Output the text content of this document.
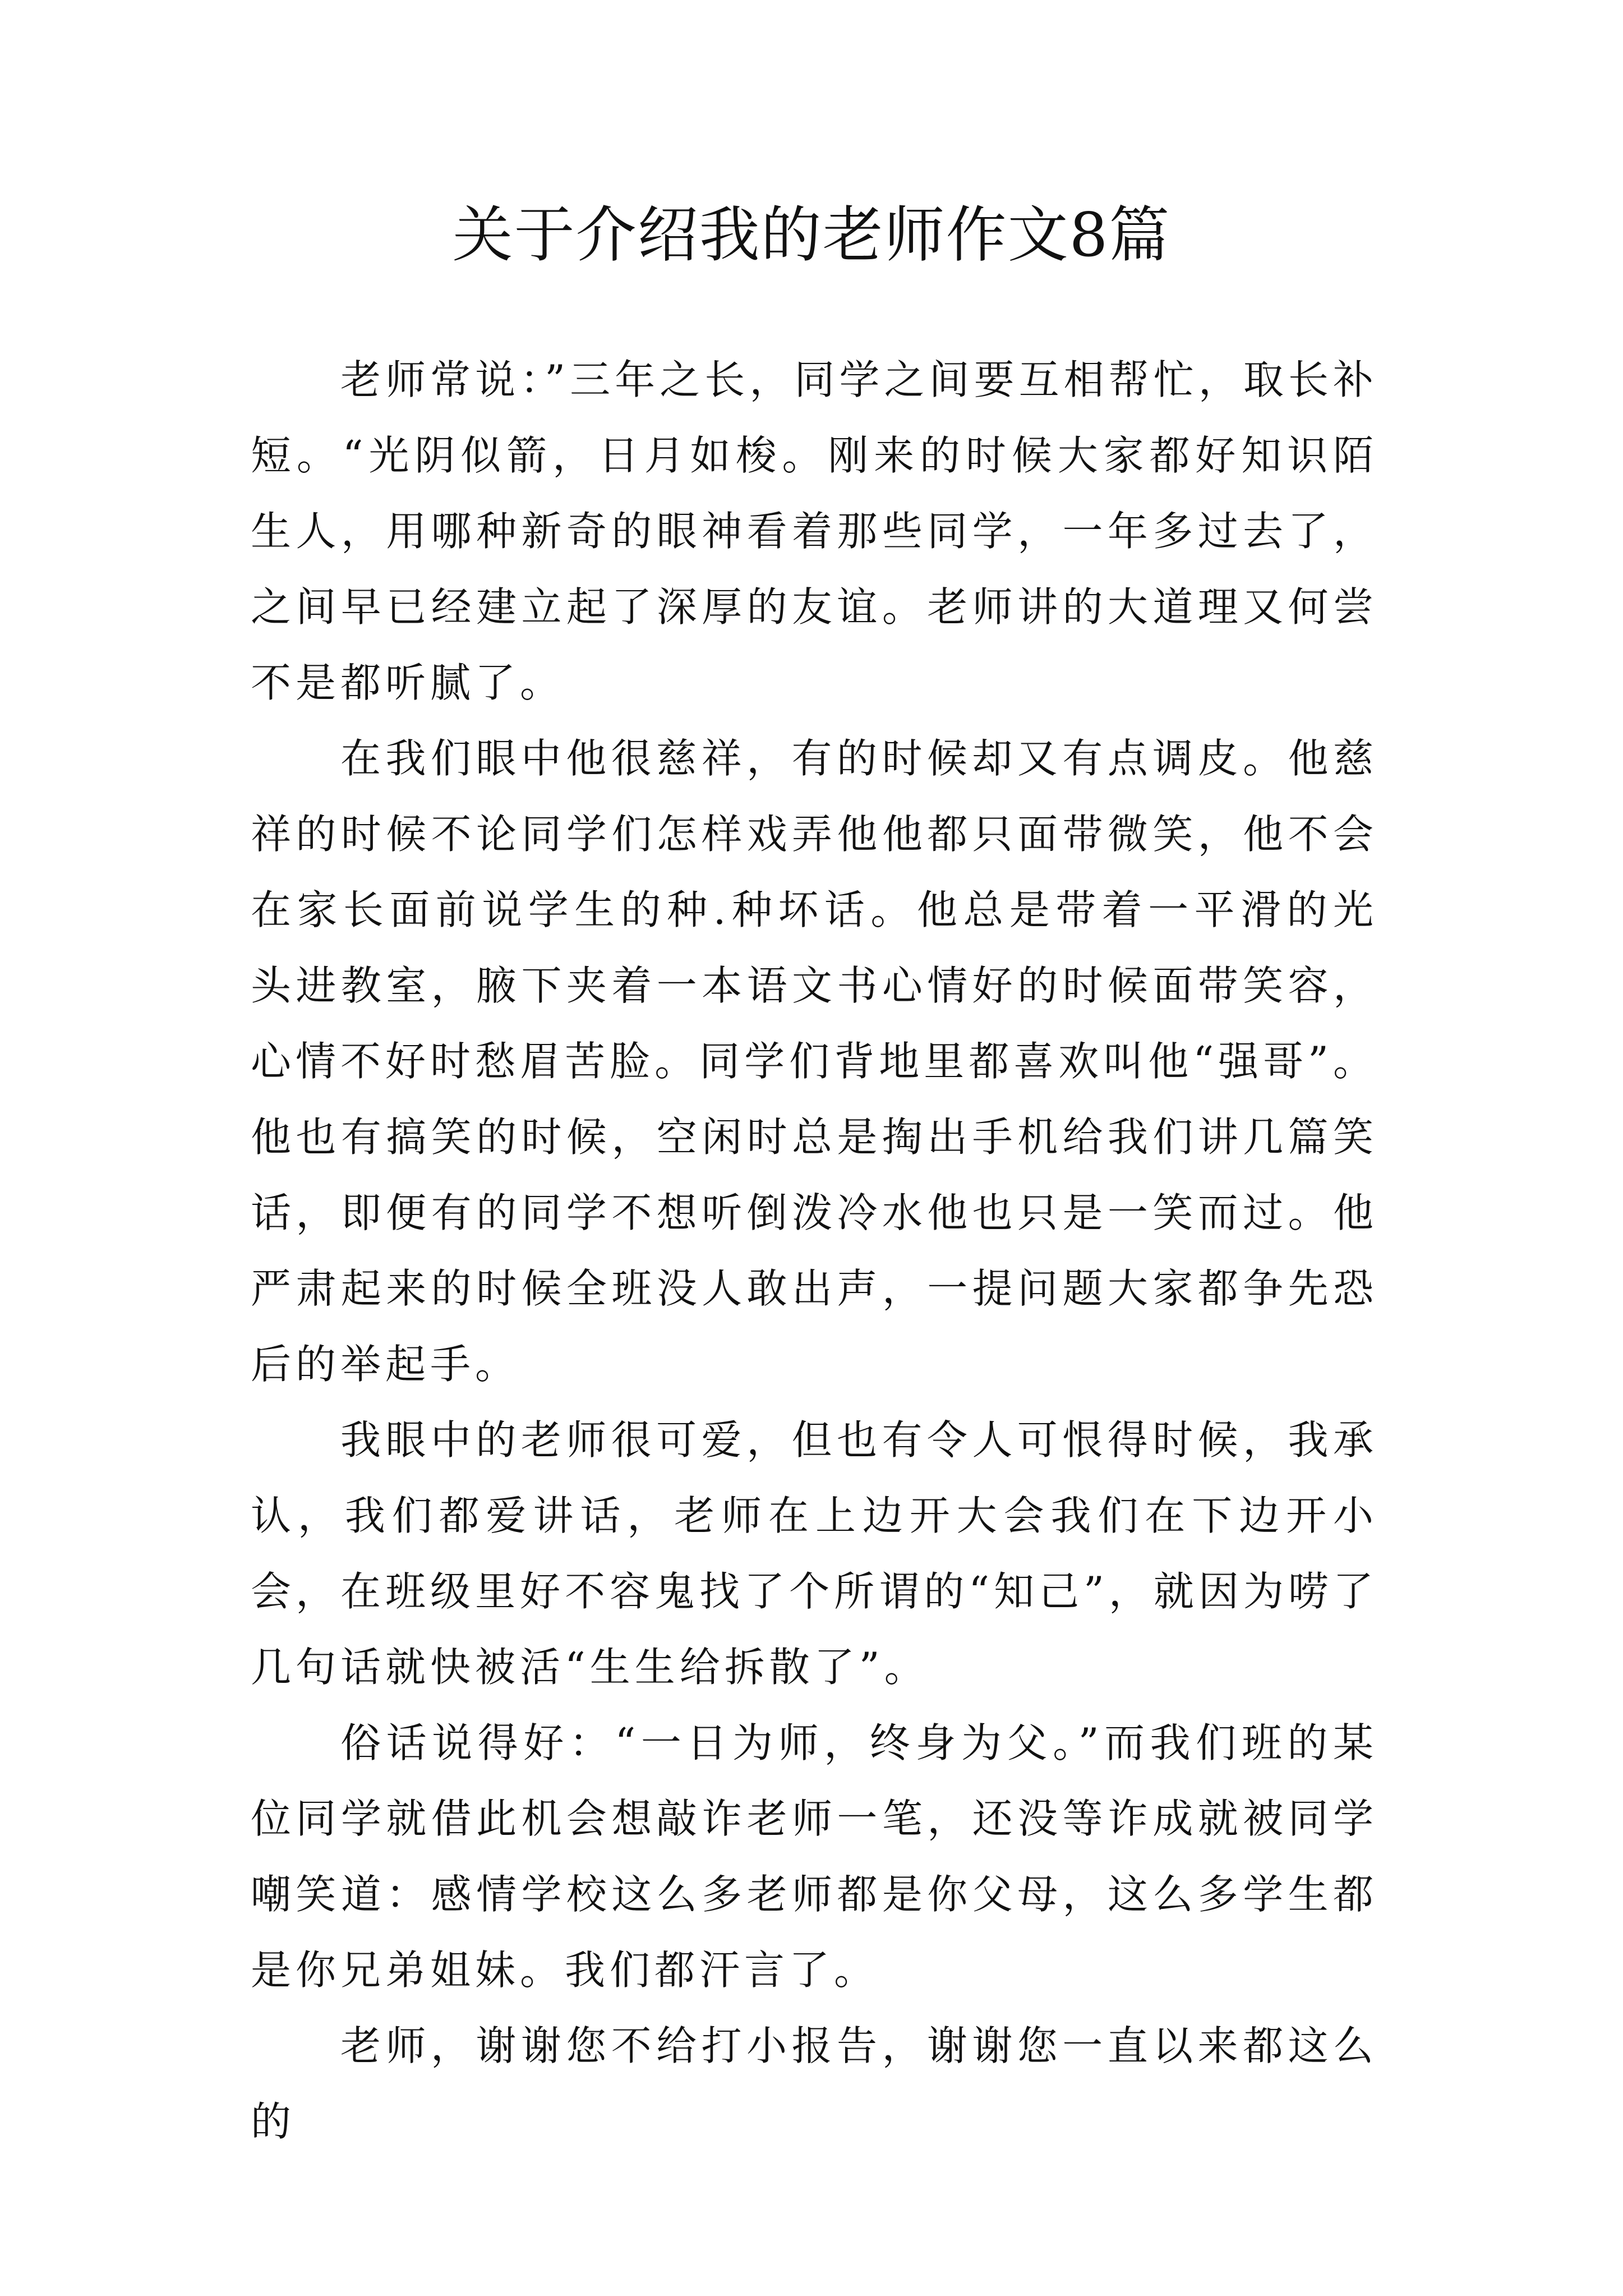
关于介绍我的老师作文8篇

老师常说：”三年之长，同学之间要互相帮忙，取长补短。“光阴似箭，日月如梭。刚来的时候大家都好知识陌生人，用哪种新奇的眼神看着那些同学，一年多过去了，之间早已经建立起了深厚的友谊。老师讲的大道理又何尝不是都听腻了。

在我们眼中他很慈祥，有的时候却又有点调皮。他慈祥的时候不论同学们怎样戏弄他他都只面带微笑，他不会在家长面前说学生的种.种坏话。他总是带着一平滑的光头进教室，腋下夹着一本语文书心情好的时候面带笑容，心情不好时愁眉苦脸。同学们背地里都喜欢叫他“强哥”。他也有搞笑的时候，空闲时总是掏出手机给我们讲几篇笑话，即便有的同学不想听倒泼冷水他也只是一笑而过。他严肃起来的时候全班没人敢出声，一提问题大家都争先恐后的举起手。

我眼中的老师很可爱，但也有令人可恨得时候，我承认，我们都爱讲话，老师在上边开大会我们在下边开小会，在班级里好不容鬼找了个所谓的“知己”，就因为唠了几句话就快被活“生生给拆散了”。

俗话说得好：“一日为师，终身为父。”而我们班的某位同学就借此机会想敲诈老师一笔，还没等诈成就被同学嘲笑道：感情学校这么多老师都是你父母，这么多学生都是你兄弟姐妹。我们都汗言了。

老师，谢谢您不给打小报告，谢谢您一直以来都这么的
